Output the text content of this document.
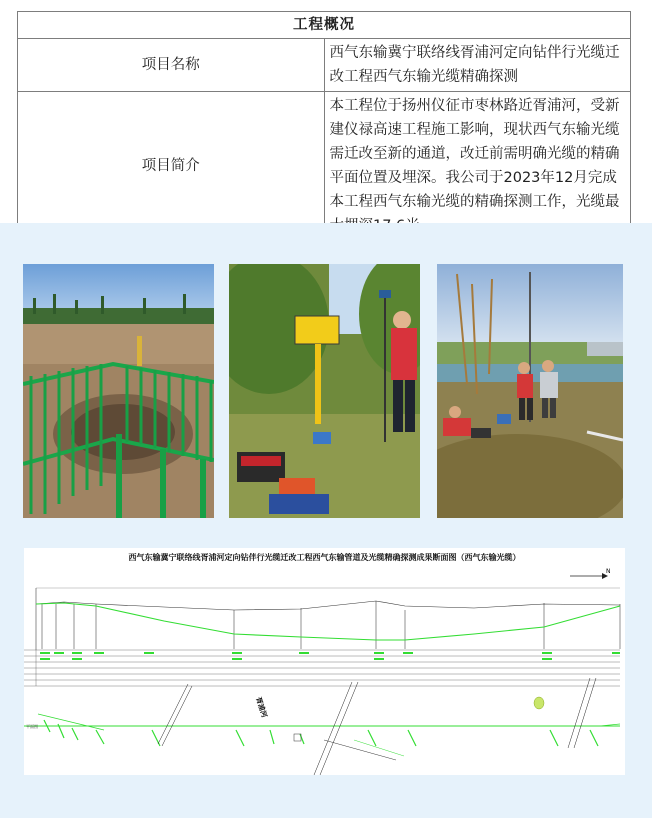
工程概况	
项目名称	西气东输冀宁联络线胥浦河定向钻伴行光缆迁改工程西气东输光缆精确探测
项目简介	本工程位于扬州仪征市枣林路近胥浦河，受新建仪禄高速工程施工影响，现状西气东输光缆需迁改至新的通道，改迁前需明确光缆的精确平面位置及埋深。我公司于2023年12月完成本工程西气东输光缆的精确探测工作，光缆最
西气东输冀宁联络线胥浦河定向钻伴行光缆迁改工程西气东输管道及光缆精确探测成果断面图（西气东输光缆）
N
胥浦河
平面图
